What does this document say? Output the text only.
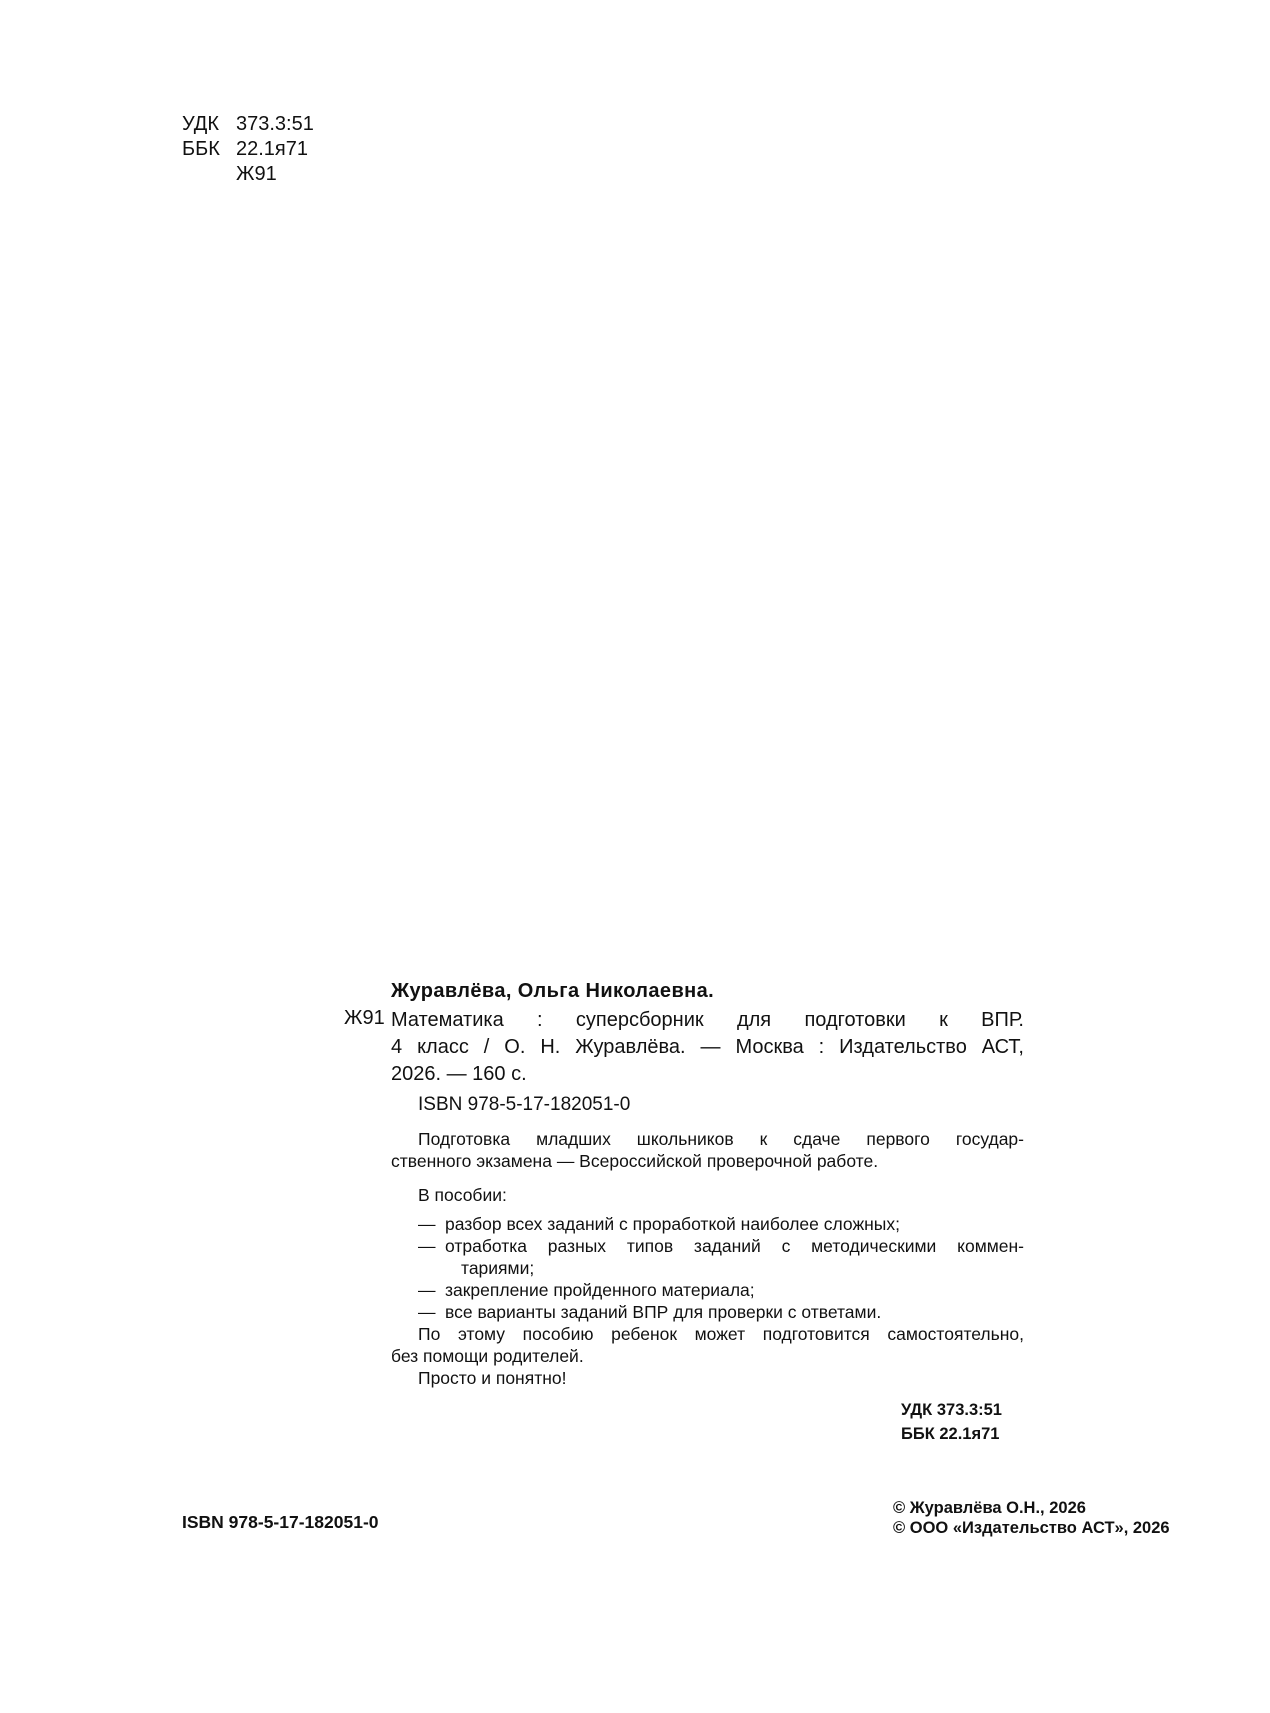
УДК 373.3:51
ББК 22.1я71
Ж91
Журавлёва, Ольга Николаевна.
Ж91 Математика : суперсборник для подготовки к ВПР.
4 класс / О. Н. Журавлёва. — Москва : Издательство АСТ,
2026. — 160 с.
ISBN 978-5-17-182051-0
Подготовка младших школьников к сдаче первого государ-
ственного экзамена — Всероссийской проверочной работе.
В пособии:
— разбор всех заданий с проработкой наиболее сложных;
— отработка разных типов заданий с методическими коммен-
тариями;
— закрепление пройденного материала;
— все варианты заданий ВПР для проверки с ответами.
По этому пособию ребенок может подготовится самостоятельно,
без помощи родителей.
Просто и понятно!
УДК 373.3:51
ББК 22.1я71
ISBN 978-5-17-182051-0
© Журавлёва О.Н., 2026
© ООО «Издательство АСТ», 2026
